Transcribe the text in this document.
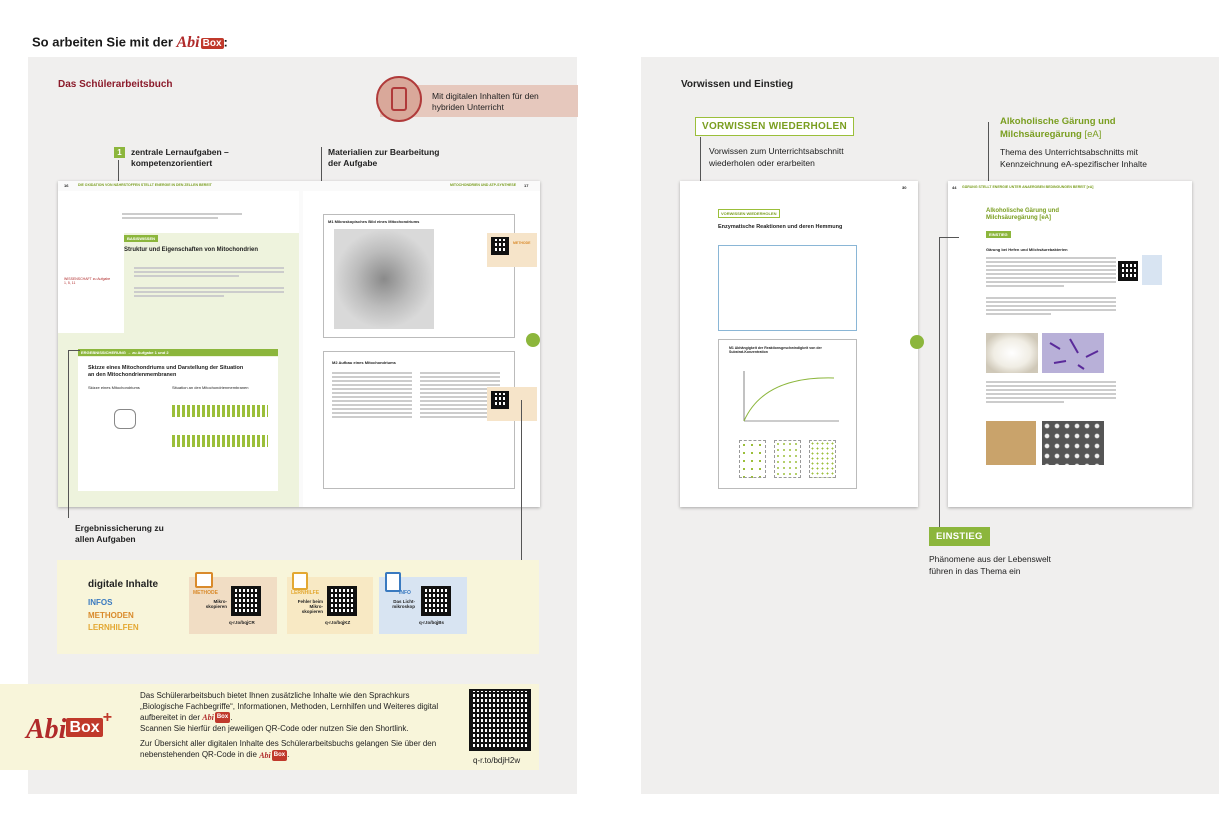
So arbeiten Sie mit der Abi Box :
Das Schülerarbeitsbuch
Mit digitalen Inhalten für den hybriden Unterricht
1	zentrale Lernaufgaben – kompetenzorientiert
Materialien zur Bearbeitung der Aufgabe
16	DIE OXIDATION VON NÄHRSTOFFEN STELLT ENERGIE IN DEN ZELLEN BEREIT	MITOCHONDRIEN UND ATP-SYNTHESE 17
BASISWISSEN
Struktur und Eigenschaften von Mitochondrien
WISSENSCHAFT zu Aufgabe 1, 5, 11
ERGEBNISSICHERUNG → zu Aufgabe 1 und 2
Skizze eines Mitochondriums und Darstellung der Situation an den Mitochondrienmembranen
Skizze eines Mitochondriums	Situation an den Mitochondrienmembranen
M1 Mikroskopisches Bild eines Mitochondriums
M2 Aufbau eines Mitochondriums
METHODE
Ergebnissicherung zu allen Aufgaben
digitale Inhalte
INFOS
METHODEN
LERNHILFEN
METHODE
Mikro-skopieren
q-r.to/bqjCR
LERNHILFE
Fehler beim Mikro-skopieren
q-r.to/bqjKZ
INFO
Das Licht-mikroskop
q-r.to/bqjBs
Abi Box+
Das Schülerarbeitsbuch bietet Ihnen zusätzliche Inhalte wie den Sprachkurs „Biologische Fachbegriffe“, Informationen, Methoden, Lernhilfen und Weiteres digital aufbereitet in der Abi Box .
Scannen Sie hierfür den jeweiligen QR-Code oder nutzen Sie den Shortlink.
Zur Übersicht aller digitalen Inhalte des Schülerarbeitsbuchs gelangen Sie über den nebenstehenden QR-Code in die Abi Box .
q-r.to/bdjH2w
Vorwissen und Einstieg
VORWISSEN WIEDERHOLEN
Vorwissen zum Unterrichtsabschnitt wiederholen oder erarbeiten
Alkoholische Gärung und Milchsäuregärung [eA]
Thema des Unterrichtsabschnitts mit Kennzeichnung eA-spezifischer Inhalte
30
VORWISSEN WIEDERHOLEN
Enzymatische Reaktionen und deren Hemmung
M1 Abhängigkeit der Reaktionsgeschwindigkeit von der Substrat-Konzentration
44 GÄRUNG STELLT ENERGIE UNTER ANAEROBEN BEDINGUNGEN BEREIT [eA]
Alkoholische Gärung und Milchsäuregärung [eA]
EINSTIEG
Gärung bei Hefen und Milchsäurebakterien
EINSTIEG
Phänomene aus der Lebenswelt führen in das Thema ein
